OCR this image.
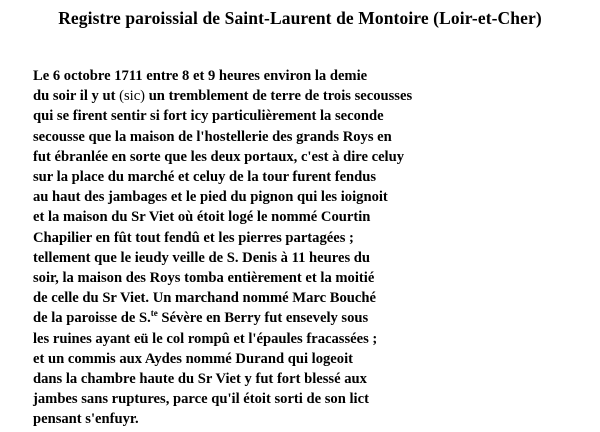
Registre paroissial de Saint-Laurent de Montoire (Loir-et-Cher)
Le 6 octobre 1711 entre 8 et 9 heures environ la demie
du soir il y ut (sic) un tremblement de terre de trois secousses
qui se firent sentir si fort icy particulièrement la seconde
secousse que la maison de l'hostellerie des grands Roys en
fut ébranlée en sorte que les deux portaux, c'est à dire celuy
sur la place du marché et celuy de la tour furent fendus
au haut des jambages et le pied du pignon qui les ioignoit
et la maison du Sr Viet où étoit logé le nommé Courtin
Chapilier en fût tout fendû et les pierres partagées ;
tellement que le ieudy veille de S. Denis à 11 heures du
soir, la maison des Roys tomba entièrement et la moitié
de celle du Sr Viet. Un marchand nommé Marc Bouché
de la paroisse de S.$^{te}$ Sévère en Berry fut ensevely sous
les ruines ayant eü le col rompû et l'épaules fracassées ;
et un commis aux Aydes nommé Durand qui logeoit
dans la chambre haute du Sr Viet y fut fort blessé aux
jambes sans ruptures, parce qu'il étoit sorti de son lict
pensant s'enfuyr.
